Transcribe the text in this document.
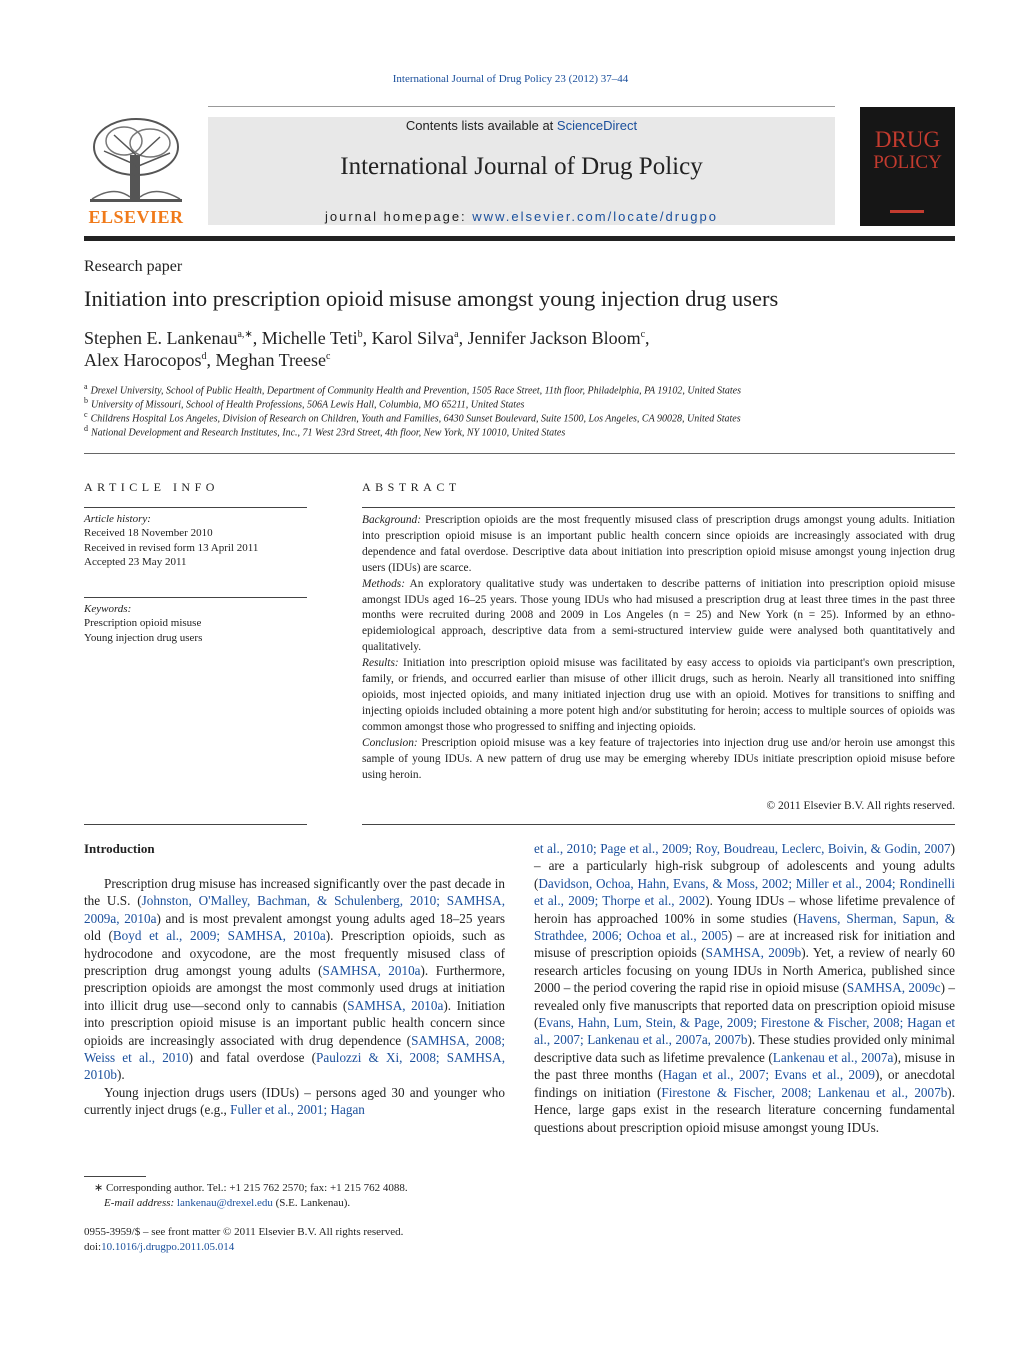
International Journal of Drug Policy 23 (2012) 37–44
ELSEVIER
Contents lists available at ScienceDirect
International Journal of Drug Policy
journal homepage: www.elsevier.com/locate/drugpo
DRUG
POLICY
Research paper
Initiation into prescription opioid misuse amongst young injection drug users
Stephen E. Lankenau$^{a,∗}$, Michelle Teti$^b$, Karol Silva$^a$, Jennifer Jackson Bloom$^c$,
Alex Harocopos$^d$, Meghan Treese$^c$
$^a$ Drexel University, School of Public Health, Department of Community Health and Prevention, 1505 Race Street, 11th floor, Philadelphia, PA 19102, United States
$^b$ University of Missouri, School of Health Professions, 506A Lewis Hall, Columbia, MO 65211, United States
$^c$ Childrens Hospital Los Angeles, Division of Research on Children, Youth and Families, 6430 Sunset Boulevard, Suite 1500, Los Angeles, CA 90028, United States
$^d$ National Development and Research Institutes, Inc., 71 West 23rd Street, 4th floor, New York, NY 10010, United States
ARTICLE INFO	ABSTRACT
Article history:
Received 18 November 2010
Received in revised form 13 April 2011
Accepted 23 May 2011
Keywords:
Prescription opioid misuse
Young injection drug users

Background: Prescription opioids are the most frequently misused class of prescription drugs amongst young adults. Initiation into prescription opioid misuse is an important public health concern since opioids are increasingly associated with drug dependence and fatal overdose. Descriptive data about initiation into prescription opioid misuse amongst young injection drug users (IDUs) are scarce.

Methods: An exploratory qualitative study was undertaken to describe patterns of initiation into prescription opioid misuse amongst IDUs aged 16–25 years. Those young IDUs who had misused a prescription drug at least three times in the past three months were recruited during 2008 and 2009 in Los Angeles (n = 25) and New York (n = 25). Informed by an ethno-epidemiological approach, descriptive data from a semi-structured interview guide were analysed both quantitatively and qualitatively.

Results: Initiation into prescription opioid misuse was facilitated by easy access to opioids via participant's own prescription, family, or friends, and occurred earlier than misuse of other illicit drugs, such as heroin. Nearly all transitioned into sniffing opioids, most injected opioids, and many initiated injection drug use with an opioid. Motives for transitions to sniffing and injecting opioids included obtaining a more potent high and/or substituting for heroin; access to multiple sources of opioids was common amongst those who progressed to sniffing and injecting opioids.

Conclusion: Prescription opioid misuse was a key feature of trajectories into injection drug use and/or heroin use amongst this sample of young IDUs. A new pattern of drug use may be emerging whereby IDUs initiate prescription opioid misuse before using heroin.

© 2011 Elsevier B.V. All rights reserved.
Introduction

Prescription drug misuse has increased significantly over the past decade in the U.S. (Johnston, O'Malley, Bachman, & Schulenberg, 2010; SAMHSA, 2009a, 2010a) and is most prevalent amongst young adults aged 18–25 years old (Boyd et al., 2009; SAMHSA, 2010a). Prescription opioids, such as hydrocodone and oxycodone, are the most frequently misused class of prescription drug amongst young adults (SAMHSA, 2010a). Furthermore, prescription opioids are amongst the most commonly used drugs at initiation into illicit drug use—second only to cannabis (SAMHSA, 2010a). Initiation into prescription opioid misuse is an important public health concern since opioids are increasingly associated with drug dependence (SAMHSA, 2008; Weiss et al., 2010) and fatal overdose (Paulozzi & Xi, 2008; SAMHSA, 2010b).

Young injection drugs users (IDUs) – persons aged 30 and younger who currently inject drugs (e.g., Fuller et al., 2001; Hagan

et al., 2010; Page et al., 2009; Roy, Boudreau, Leclerc, Boivin, & Godin, 2007) – are a particularly high-risk subgroup of adolescents and young adults (Davidson, Ochoa, Hahn, Evans, & Moss, 2002; Miller et al., 2004; Rondinelli et al., 2009; Thorpe et al., 2002). Young IDUs – whose lifetime prevalence of heroin has approached 100% in some studies (Havens, Sherman, Sapun, & Strathdee, 2006; Ochoa et al., 2005) – are at increased risk for initiation and misuse of prescription opioids (SAMHSA, 2009b). Yet, a review of nearly 60 research articles focusing on young IDUs in North America, published since 2000 – the period covering the rapid rise in opioid misuse (SAMHSA, 2009c) – revealed only five manuscripts that reported data on prescription opioid misuse (Evans, Hahn, Lum, Stein, & Page, 2009; Firestone & Fischer, 2008; Hagan et al., 2007; Lankenau et al., 2007a, 2007b). These studies provided only minimal descriptive data such as lifetime prevalence (Lankenau et al., 2007a), misuse in the past three months (Hagan et al., 2007; Evans et al., 2009), or anecdotal findings on initiation (Firestone & Fischer, 2008; Lankenau et al., 2007b). Hence, large gaps exist in the research literature concerning fundamental questions about prescription opioid misuse amongst young IDUs.

∗ Corresponding author. Tel.: +1 215 762 2570; fax: +1 215 762 4088.
E-mail address: lankenau@drexel.edu (S.E. Lankenau).
0955-3959/$ – see front matter © 2011 Elsevier B.V. All rights reserved.
doi:10.1016/j.drugpo.2011.05.014
